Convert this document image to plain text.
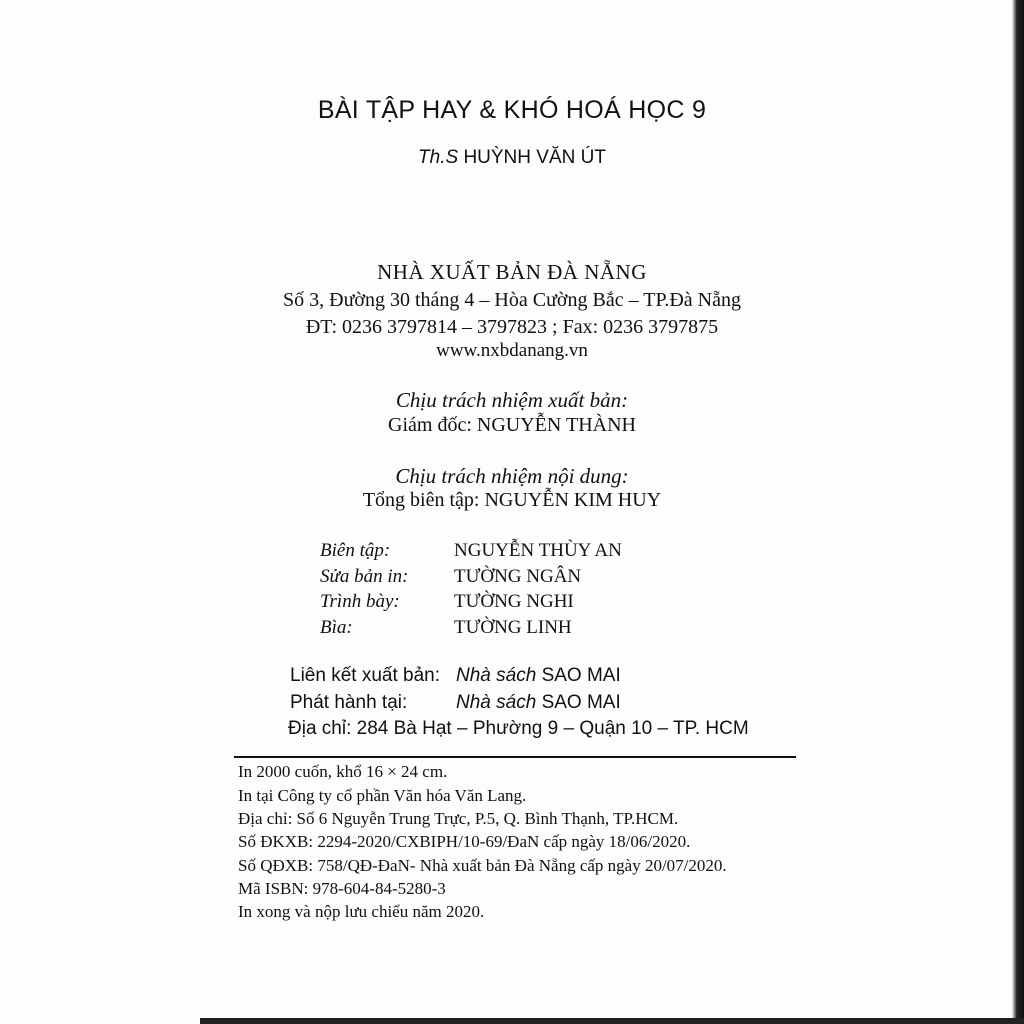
BÀI TẬP HAY & KHÓ HOÁ HỌC 9
Th.S HUỲNH VĂN ÚT
NHÀ XUẤT BẢN ĐÀ NẴNG
Số 3, Đường 30 tháng 4 – Hòa Cường Bắc – TP.Đà Nẵng
ĐT: 0236 3797814 – 3797823 ; Fax: 0236 3797875
www.nxbdanang.vn
Chịu trách nhiệm xuất bản:
Giám đốc: NGUYỄN THÀNH
Chịu trách nhiệm nội dung:
Tổng biên tập: NGUYỄN KIM HUY
Biên tập:	NGUYỄN THÙY AN
Sửa bản in: TƯỜNG NGÂN
Trình bày:	TƯỜNG NGHI
Bìa:	TƯỜNG LINH
Liên kết xuất bản: Nhà sách SAO MAI
Phát hành tại:	Nhà sách SAO MAI
Địa chỉ: 284 Bà Hạt – Phường 9 – Quận 10 – TP. HCM
In 2000 cuốn, khổ 16 × 24 cm.
In tại Công ty cổ phần Văn hóa Văn Lang.
Địa chỉ: Số 6 Nguyễn Trung Trực, P.5, Q. Bình Thạnh, TP.HCM.
Số ĐKXB: 2294-2020/CXBIPH/10-69/ĐaN cấp ngày 18/06/2020.
Số QĐXB: 758/QĐ-ĐaN- Nhà xuất bản Đà Nẵng cấp ngày 20/07/2020.
Mã ISBN: 978-604-84-5280-3
In xong và nộp lưu chiểu năm 2020.
